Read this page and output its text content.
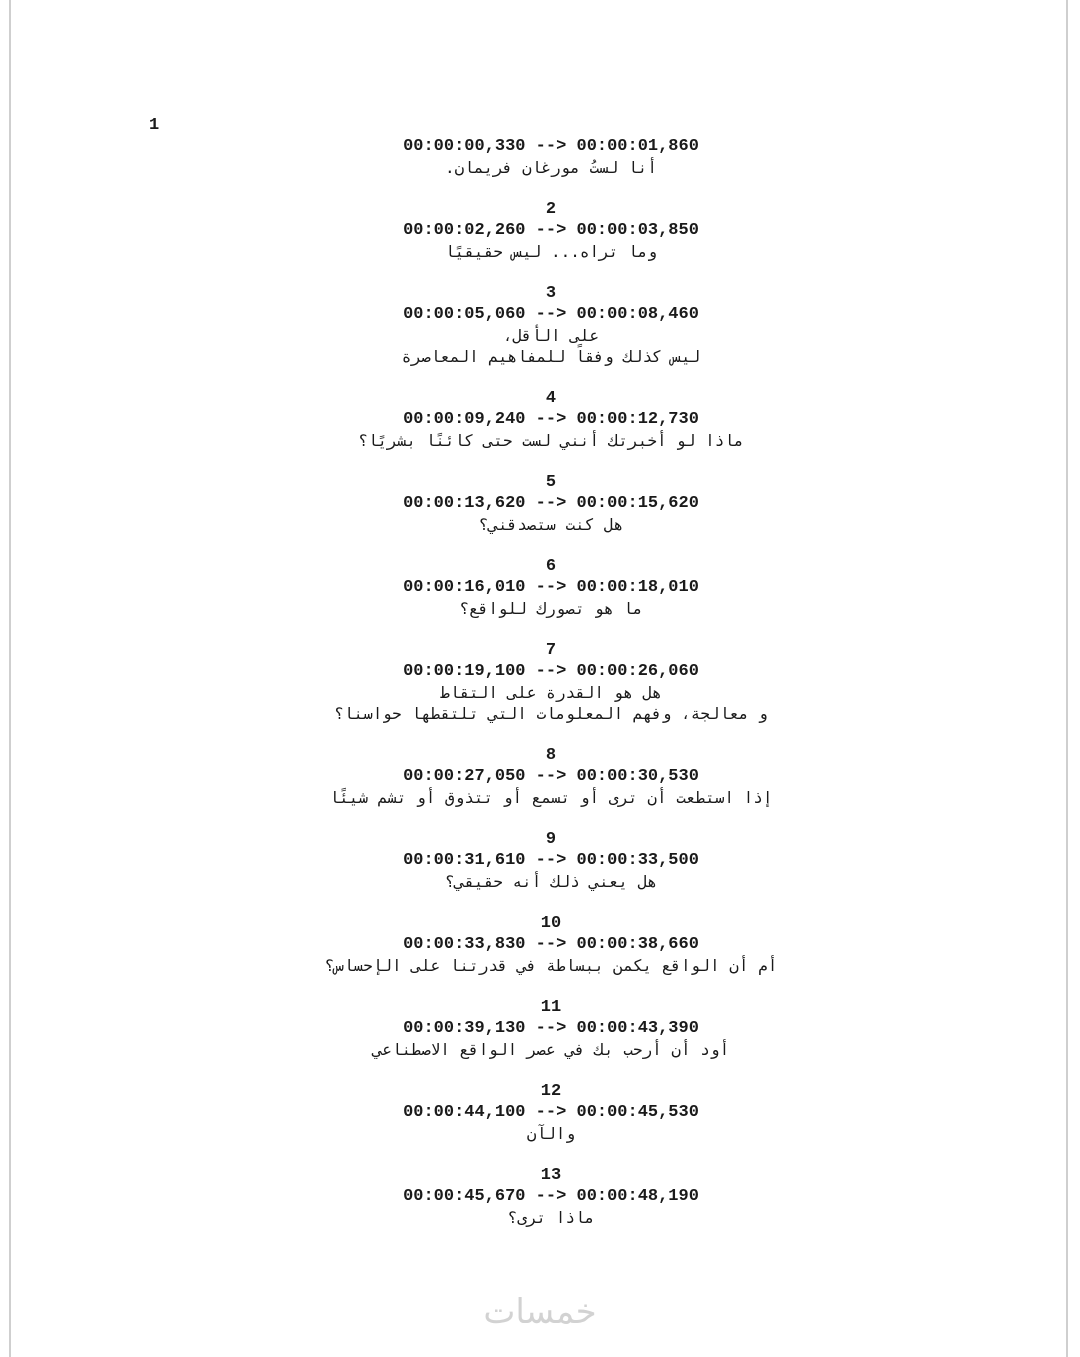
1
00:00:00,330 --> 00:00:01,860
أنا لستُ مورغان فريمان.
2
00:00:02,260 --> 00:00:03,850
وما تراه... ليس حقيقيًا
3
00:00:05,060 --> 00:00:08,460
على الأقل،
ليس كذلك وفقاً للمفاهيم المعاصرة
4
00:00:09,240 --> 00:00:12,730
ماذا لو أخبرتك أنني لست حتى كائنًا بشريًا؟
5
00:00:13,620 --> 00:00:15,620
هل كنت ستصدقني؟
6
00:00:16,010 --> 00:00:18,010
ما هو تصورك للواقع؟
7
00:00:19,100 --> 00:00:26,060
هل هو القدرة على التقاط
و معالجة، وفهم المعلومات التي تلتقطها حواسنا؟
8
00:00:27,050 --> 00:00:30,530
إذا استطعت أن ترى أو تسمع أو تتذوق أو تشم شيئًا
9
00:00:31,610 --> 00:00:33,500
هل يعني ذلك أنه حقيقي؟
10
00:00:33,830 --> 00:00:38,660
أم أن الواقع يكمن ببساطة في قدرتنا على الإحساس؟
11
00:00:39,130 --> 00:00:43,390
أود أن أرحب بك في عصر الواقع الاصطناعي
12
00:00:44,100 --> 00:00:45,530
والآن
13
00:00:45,670 --> 00:00:48,190
ماذا ترى؟
خمسات
